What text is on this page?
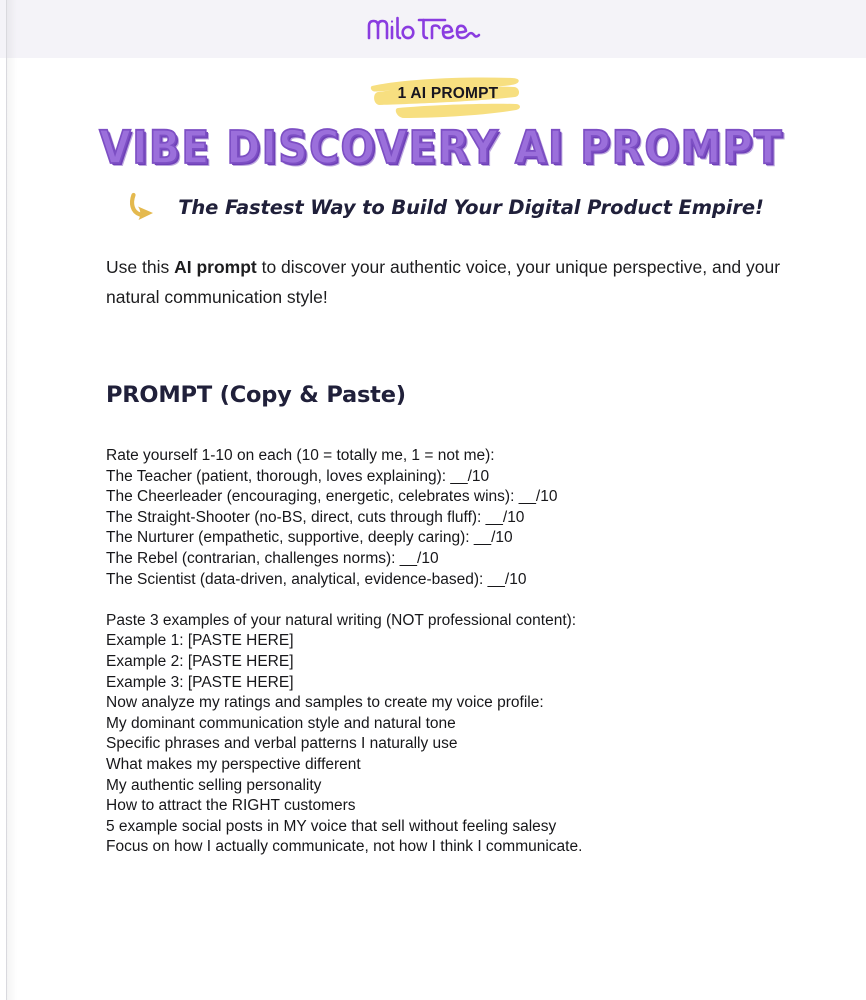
1 AI PROMPT
VIBE DISCOVERY AI PROMPT
The Fastest Way to Build Your Digital Product Empire!

Use this AI prompt to discover your authentic voice, your unique perspective, and your natural communication style!

PROMPT (Copy & Paste)
Rate yourself 1-10 on each (10 = totally me, 1 = not me):
The Teacher (patient, thorough, loves explaining): __/10
The Cheerleader (encouraging, energetic, celebrates wins): __/10
The Straight-Shooter (no-BS, direct, cuts through fluff): __/10
The Nurturer (empathetic, supportive, deeply caring): __/10
The Rebel (contrarian, challenges norms): __/10
The Scientist (data-driven, analytical, evidence-based): __/10
Paste 3 examples of your natural writing (NOT professional content):
Example 1: [PASTE HERE]
Example 2: [PASTE HERE]
Example 3: [PASTE HERE]
Now analyze my ratings and samples to create my voice profile:
My dominant communication style and natural tone
Specific phrases and verbal patterns I naturally use
What makes my perspective different
My authentic selling personality
How to attract the RIGHT customers
5 example social posts in MY voice that sell without feeling salesy
Focus on how I actually communicate, not how I think I communicate.
